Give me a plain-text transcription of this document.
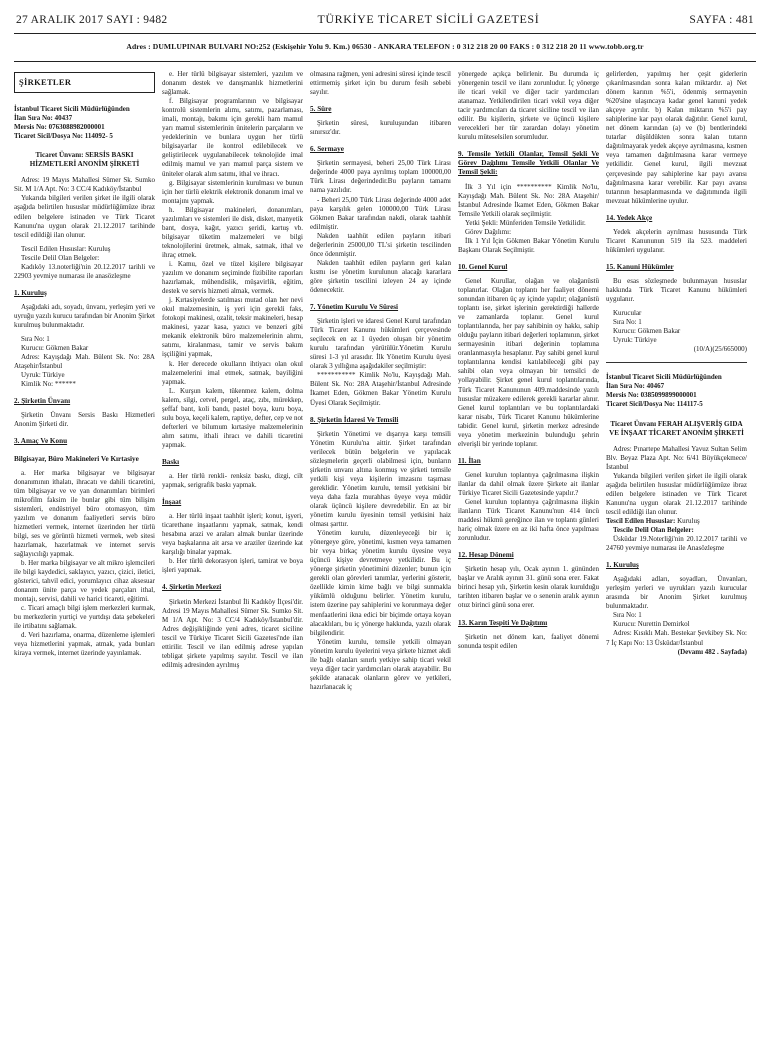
27 ARALIK 2017 SAYI : 9482	TÜRKİYE TİCARET SİCİLİ GAZETESİ	SAYFA : 481
Adres : DUMLUPINAR BULVARI NO:252 (Eskişehir Yolu 9. Km.) 06530 - ANKARA TELEFON : 0 312 218 20 00 FAKS : 0 312 218 20 11 www.tobb.org.tr
ŞİRKETLER

İstanbul Ticaret Sicili Müdürlüğünden

İlan Sıra No: 40437

Mersis No: 0763088982000001

Ticaret Sicil/Dosya No: 114092- 5

Ticaret Ünvanı: SERSİS BASKI HİZMETLERİ ANONİM ŞİRKETİ

Adres: 19 Mayıs Mahallesi Sümer Sk. Sumko Sit. M 1/A Apt. No: 3 CC/4 Kadıköy/İstanbul

Yukarıda bilgileri verilen şirket ile ilgili olarak aşağıda belirtilen hususlar müdürlüğümüze ibraz edilen belgelere istinaden ve Türk Ticaret Kanunu'na uygun olarak 21.12.2017 tarihinde tescil edildiği ilan olunur.

Tescil Edilen Hususlar: Kuruluş

Tescile Delil Olan Belgeler:

Kadıköy 13.noterliği'nin 20.12.2017 tarihli ve 22903 yevmiye numarası ile anasözleşme

1. Kuruluş

Aşağıdaki adı, soyadı, ünvanı, yerleşim yeri ve uyruğu yazılı kurucu tarafından bir Anonim Şirket kurulmuş bulunmaktadır.

Sıra No: 1

Kurucu: Gökmen Bakar

Adres: Kayışdağı Mah. Bülent Sk. No: 28A Ataşehir/İstanbul

Uyruk: Türkiye

Kimlik No: ******

2. Şirketin Ünvanı

Şirketin Ünvanı Sersis Baskı Hizmetleri Anonim Şirketi dir.

3. Amaç Ve Konu
Bilgisayar, Büro Makineleri Ve Kırtasiye

a. Her marka bilgisayar ve bilgisayar donanımının ithalatı, ihracatı ve dahili ticaretini, tüm bilgisayar ve ve yan donanımları birimleri mikrofilm faksim ile bunlar gibi tüm bilişim sistemleri, endüstriyel büro otomasyon, tüm yazılım ve donanım faaliyetleri servis büro hizmetleri vermek, internet üzerinden her türlü bilgi, ses ve görüntü hizmeti vermek, web sitesi hazırlamak, hazırlatmak ve internet servis sağlayıcılığı yapmak.

b. Her marka bilgisayar ve alt mikro işlemcileri ile bilgi kaydedici, saklayıcı, yazıcı, çizici, iletici, gösterici, tahvil edici, yorumlayıcı cihaz aksesuar donanım ünite parça ve yedek parçaları ithal, montajı, servisi, dahili ve harici ticareti, eğitimi.

c. Ticari amaçlı bilgi işlem merkezleri kurmak, bu merkezlerin yurtiçi ve yurtdışı data şebekeleri ile irtibatını sağlamak.

d. Veri hazırlama, onarma, düzenleme işlemleri veya hizmetlerini yapmak, atmak, yada bunları kiraya vermek, internet üzerinde yayınlamak.

e. Her türlü bilgisayar sistemleri, yazılım ve donanım destek ve danışmanlık hizmetlerini sağlamak.

f. Bilgisayar programlarının ve bilgisayar kontrolü sistemlerin alımı, satımı, pazarlaması, imali, montajı, bakımı için gerekli ham mamul yarı mamul sistemlerinin ünitelerin parçaların ve yedeklerinin ve bunlara uygun her türlü bilgisayarlar ile kontrol edilebilecek ve geliştirilecek uygulanabilecek teknolojide imal edilmiş mamul ve yarı mamul parça sistem ve üniteler olarak alım satımı, ithal ve ihracı.

g. Bilgisayar sistemlerinin kurulması ve bunun için her türlü elektrik elektronik donanım imal ve montajını yapmak.

h. Bilgisayar makineleri, donanımları, yazılımları ve sistemleri ile disk, disket, manyetik bant, dosya, kağıt, yazıcı şeridi, kartuş vb. bilgisayar tüketim malzemeleri ve bilgi teknolojilerini üretmek, almak, satmak, ithal ve ihraç etmek.

i. Kamu, özel ve tüzel kişilere bilgisayar yazılım ve donanım seçiminde fizibilite raporları hazırlamak, mühendislik, müşavirlik, eğitim, destek ve servis hizmeti almak, vermek.

j. Kırtasiyelerde satılması mutad olan her nevi okul malzemesinin, iş yeri için gerekli faks, fotokopi makinesi, ozalit, teksir makineleri, hesap makinesi, yazar kasa, yazıcı ve benzeri gibi mekanik elektronik büro malzemelerinin alımı, satımı, kiralanması, tamir ve servis bakım işçiliğini yapmak,

k. Her derecede okulların ihtiyacı olan okul malzemelerini imal etmek, satmak, bayiliğini yapmak.

L. Kurşun kalem, tükenmez kalem, dolma kalem, silgi, cetvel, pergel, ataç, zıbı, mürekkep, şeffaf bant, koli bandı, pastel boya, kuru boya, sulu boya, keçeli kalem, raptiye, defter, cep ve not defterleri ve bilumum kırtasiye malzemelerinin alım satımı, ithali ihracı ve dahili ticaretini yapmak.

Baskı

a. Her türlü renkli- renksiz baskı, dizgi, cilt yapmak, serigrafik baskı yapmak.

İnşaat

a. Her türlü inşaat taahhüt işleri; konut, işyeri, ticarethane inşaatlarını yapmak, satmak, kendi hesabına arazi ve araları almak bunlar üzerinde veya başkalarına ait arsa ve araziler üzerinde kat karşılığı binalar yapmak.

b. Her türlü dekorasyon işleri, tamirat ve boya işleri yapmak.

4. Şirketin Merkezi

Şirketin Merkezi İstanbul İli Kadıköy İlçesi'dir. Adresi 19 Mayıs Mahallesi Sümer Sk. Sumko Sit. M 1/A Apt. No: 3 CC/4 Kadıköy/İstanbul'dir. Adres değişikliğinde yeni adres, ticaret siciline tescil ve Türkiye Ticaret Sicili Gazetesi'nde ilan ettirilir. Tescil ve ilan edilmiş adrese yapılan tebligat şirkete yapılmış sayılır. Tescil ve ilan edilmiş adresinden ayrılmış

olmasına rağmen, yeni adresini süresi içinde tescil ettirmemiş şirket için bu durum fesih sebebi sayılır.

5. Süre

Şirketin süresi, kuruluşundan itibaren sınırsız'dır.

6. Sermaye

Şirketin sermayesi, beheri 25,00 Türk Lirası değerinde 4000 paya ayrılmış toplam 100000,00 Türk Lirası değerindedir.Bu payların tamamı nama yazılıdır.

- Beheri 25,00 Türk Lirası değerinde 4000 adet paya karşılık gelen 100000,00 Türk Lirası Gökmen Bakar tarafından nakdi, olarak taahhüt edilmiştir.

Nakden taahhüt edilen payların itibari değerlerinin 25000,00 TL'si şirketin tescilinden önce ödenmiştir.

Nakden taahhüt edilen payların geri kalan kısmı ise yönetim kurulunun alacağı kararlara göre şirketin tescilini izleyen 24 ay içinde ödenecektir.

7. Yönetim Kurulu Ve Süresi

Şirketin işleri ve idaresi Genel Kurul tarafından Türk Ticaret Kanunu hükümleri çerçevesinde seçilecek en az 1 üyeden oluşan bir yönetim kurulu tarafından yürütülür.Yönetim Kurulu süresi 1-3 yıl arasıdır. İlk Yönetim Kurulu üyesi olarak 3 yıllığına aşağıdakiler seçilmiştir:

*********** Kimlik No'lu, Kayışdağı Mah. Bülent Sk. No: 28A Ataşehir/İstanbul Adresinde İkamet Eden, Gökmen Bakar Yönetim Kurulu Üyesi Olarak Seçilmiştir.

8. Şirketin İdaresi Ve Temsili

Şirketin Yönetimi ve dışarıya karşı temsili Yönetim Kurulu'na aittir. Şirket tarafından verilecek bütün belgelerin ve yapılacak sözleşmelerin geçerli olabilmesi için, bunların şirketin unvanı altına konmuş ve şirketi temsile yetkili kişi veya kişilerin imzasını taşıması gereklidir. Yönetim kurulu, temsil yetkisini bir veya daha fazla murahhas üyeye veya müdür olarak üçüncü kişilere devredebilir. En az bir yönetim kurulu üyesinin temsil yetkisini haiz olması şarttır.

Yönetim kurulu, düzenleyeceği bir iç yönergeye göre, yönetimi, kısmen veya tamamen bir veya birkaç yönetim kurulu üyesine veya üçüncü kişiye devretmeye yetkilidir. Bu iç yönerge şirketin yönetimini düzenler; bunun için gerekli olan görevleri tanımlar, yerlerini gösterir, özellikle kimin kime bağlı ve bilgi sunmakla yükümlü olduğunu belirler. Yönetim kurulu, istem üzerine pay sahiplerini ve korunmaya değer menfaatlerini ikna edici bir biçimde ortaya koyan alacaklıları, bu iç yönerge hakkında, yazılı olarak bilgilendirir.

Yönetim kurulu, temsile yetkili olmayan yönetim kurulu üyelerini veya şirkete hizmet akdi ile bağlı olanları sınırlı yetkiye sahip ticari vekil veya diğer tacir yardımcıları olarak atayabilir. Bu şekilde atanacak olanların görev ve yetkileri, hazırlanacak iç

yönergede açıkça belirlenir. Bu durumda iç yönergenin tescil ve ilanı zorunludur. İç yönerge ile ticari vekil ve diğer tacir yardımcıları atanamaz. Yetkilendirilen ticari vekil veya diğer tacir yardımcıları da ticaret siciline tescil ve ilan edilir. Bu kişilerin, şirkete ve üçüncü kişilere verecekleri her tür zarardan dolayı yönetim kurulu müteselsilen sorumludur.

9. Temsile Yetkili Olanlar, Temsil Şekli Ve Görev Dağılımı Temsile Yetkili Olanlar Ve Temsil Şekli:

İlk 3 Yıl için ********** Kimlik No'lu, Kayışdağı Mah. Bülent Sk. No: 28A Ataşehir/İstanbul Adresinde İkamet Eden, Gökmen Bakar Temsile Yetkili olarak seçilmiştir.

Yetki Şekli: Münferiden Temsile Yetkilidir.

Görev Dağılımı:

İlk 1 Yıl İçin Gökmen Bakar Yönetim Kurulu Başkanı Olarak Seçilmiştir.

10. Genel Kurul

Genel Kurullar, olağan ve olağanüstü toplanırlar. Olağan toplantı her faaliyet dönemi sonundan itibaren üç ay içinde yapılır; olağanüstü toplantı ise, şirket işlerinin gerektirdiği hallerde ve zamanlarda toplanır. Genel kurul toplantılarında, her pay sahibinin oy hakkı, sahip olduğu payların itibari değerleri toplamının, şirket sermayesinin itibari değerinin toplamına oranlanmasıyla hesaplanır. Pay sahibi genel kurul toplantılarına kendisi katılabileceği gibi pay sahibi olan veya olmayan bir temsilci de yollayabilir. Şirket genel kurul toplantılarında, Türk Ticaret Kanununun 409.maddesinde yazılı hususlar müzakere edilerek gerekli kararlar alınır. Genel kurul toplantıları ve bu toplantılardaki karar nisabı, Türk Ticaret Kanunu hükümlerine tabidir. Genel kurul, şirketin merkez adresinde veya yönetim merkezinin bulunduğu şehrin elverişli bir yerinde toplanır.

11. İlan

Genel kurulun toplantıya çağrılmasına ilişkin ilanlar da dahil olmak üzere Şirkete ait ilanlar Türkiye Ticaret Sicili Gazetesinde yapılır.?

Genel kurulun toplantıya çağrılmasına ilişkin ilanların Türk Ticaret Kanunu'nun 414 üncü maddesi hükmü gereğince ilan ve toplantı günleri hariç olmak üzere en az iki hafta önce yapılması zorunludur.

12. Hesap Dönemi

Şirketin hesap yılı, Ocak ayının 1. gününden başlar ve Aralık ayının 31. günü sona erer. Fakat birinci hesap yılı, Şirketin kesin olarak kurulduğu tarihten itibaren başlar ve o senenin aralık ayının otuz birinci günü sona erer.

13. Karın Tespiti Ve Dağıtımı

Şirketin net dönem karı, faaliyet dönemi sonunda tespit edilen

gelirlerden, yapılmış her çeşit giderlerin çıkarılmasından sonra kalan miktardır. a) Net dönem karının %5'i, ödenmiş sermayenin %20'sine ulaşıncaya kadar genel kanuni yedek akçeye ayrılır. b) Kalan miktarın %5'i pay sahiplerine kar payı olarak dağıtılır. Genel kurul, net dönem karından (a) ve (b) bentlerindeki tutarlar düşüldükten sonra kalan tutarın dağıtılmayarak yedek akçeye ayrılmasına, kısmen veya tamamen dağıtılmasına karar vermeye yetkilidir. Genel kurul, ilgili mevzuat çerçevesinde pay sahiplerine kar payı avansı dağıtılmasına karar verebilir. Kar payı avansı tutarının hesaplanmasında ve dağıtımında ilgili mevzuat hükümlerine uyulur.

14. Yedek Akçe

Yedek akçelerin ayrılması hususunda Türk Ticaret Kanununun 519 ila 523. maddeleri hükümleri uygulanır.

15. Kanuni Hükümler

Bu esas sözleşmede bulunmayan hususlar hakkında Türk Ticaret Kanunu hükümleri uygulanır.

Kurucular

Sıra No: 1

Kurucu: Gökmen Bakar

Uyruk: Türkiye

(10/A)(25/665000)

İstanbul Ticaret Sicili Müdürlüğünden

İlan Sıra No: 40467

Mersis No: 0385099899000001

Ticaret Sicil/Dosya No: 114117-5

Ticaret Ünvanı FERAH ALIŞVERİŞ GIDA VE İNŞAAT TİCARET ANONİM ŞİRKETİ

Adres: Pınartepe Mahallesi Yavuz Sultan Selim Blv. Beyaz Plaza Apt. No: 6/41 Büyükçekmece/İstanbul

Yukarıda bilgileri verilen şirket ile ilgili olarak aşağıda belirtilen hususlar müdürlüğümüze ibraz edilen belgelere istinaden ve Türk Ticaret Kanunu'na uygun olarak 21.12.2017 tarihinde tescil edildiği ilan olunur.

Tescil Edilen Hususlar: Kuruluş

Tescile Delil Olan Belgeler:

Üsküdar 19.Noterliği'nin 20.12.2017 tarihli ve 24760 yevmiye numarası ile Anasözleşme

1. Kuruluş

Aşağıdaki adları, soyadları, Ünvanları, yerleşim yerleri ve uyrukları yazılı kurucular arasında bir Anonim Şirket kurulmuş bulunmaktadır.

Sıra No: 1

Kurucu: Nurettin Demirkol

Adres: Kısıklı Mah. Bestekar Şevkibey Sk. No: 7 İç Kapı No: 13 Üsküdar/İstanbul

(Devamı 482 . Sayfada)
